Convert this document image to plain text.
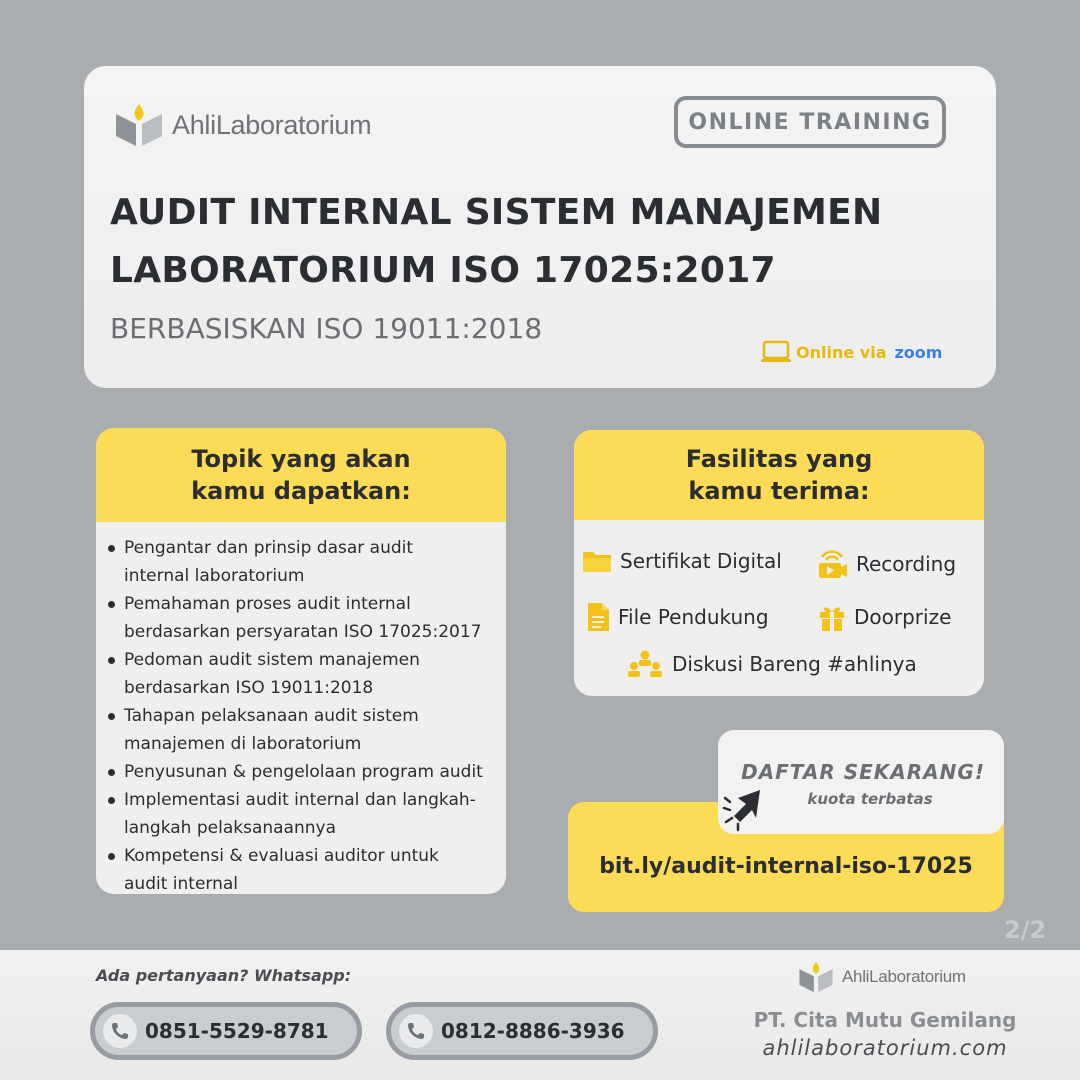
AhliLaboratorium	ONLINE TRAINING
AUDIT INTERNAL SISTEM MANAJEMEN
LABORATORIUM ISO 17025:2017
BERBASISKAN ISO 19011:2018
Online via zoom
Topik yang akan
kamu dapatkan:
Pengantar dan prinsip dasar audit
internal laboratorium
Pemahaman proses audit internal
berdasarkan persyaratan ISO 17025:2017
Pedoman audit sistem manajemen
berdasarkan ISO 19011:2018
Tahapan pelaksanaan audit sistem
manajemen di laboratorium
Penyusunan & pengelolaan program audit
Implementasi audit internal dan langkah-
langkah pelaksanaannya
Kompetensi & evaluasi auditor untuk
audit internal
Fasilitas yang
kamu terima:
Sertifikat Digital	Recording
File Pendukung	Doorprize
Diskusi Bareng #ahlinya
bit.ly/audit-internal-iso-17025
DAFTAR SEKARANG!
kuota terbatas
2/2
Ada pertanyaan? Whatsapp:
0851-5529-8781	0812-8886-3936
AhliLaboratorium
PT. Cita Mutu Gemilang
ahlilaboratorium.com
